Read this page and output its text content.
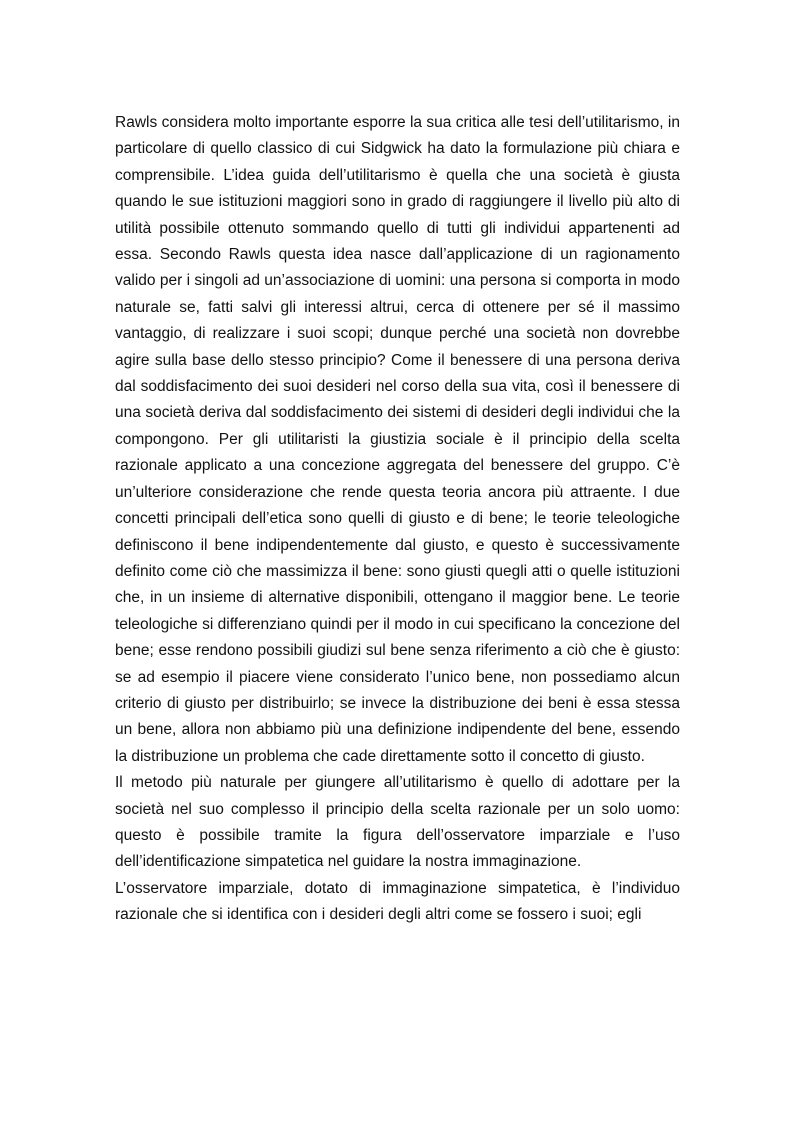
Rawls considera molto importante esporre la sua critica alle tesi dell’utilitarismo, in particolare di quello classico di cui Sidgwick ha dato la formulazione più chiara e comprensibile. L’idea guida dell’utilitarismo è quella che una società è giusta quando le sue istituzioni maggiori sono in grado di raggiungere il livello più alto di utilità possibile ottenuto sommando quello di tutti gli individui appartenenti ad essa. Secondo Rawls questa idea nasce dall’applicazione di un ragionamento valido per i singoli ad un’associazione di uomini: una persona si comporta in modo naturale se, fatti salvi gli interessi altrui, cerca di ottenere per sé il massimo vantaggio, di realizzare i suoi scopi; dunque perché una società non dovrebbe agire sulla base dello stesso principio? Come il benessere di una persona deriva dal soddisfacimento dei suoi desideri nel corso della sua vita, così il benessere di una società deriva dal soddisfacimento dei sistemi di desideri degli individui che la compongono. Per gli utilitaristi la giustizia sociale è il principio della scelta razionale applicato a una concezione aggregata del benessere del gruppo. C’è un’ulteriore considerazione che rende questa teoria ancora più attraente. I due concetti principali dell’etica sono quelli di giusto e di bene; le teorie teleologiche definiscono il bene indipendentemente dal giusto, e questo è successivamente definito come ciò che massimizza il bene: sono giusti quegli atti o quelle istituzioni che, in un insieme di alternative disponibili, ottengano il maggior bene. Le teorie teleologiche si differenziano quindi per il modo in cui specificano la concezione del bene; esse rendono possibili giudizi sul bene senza riferimento a ciò che è giusto: se ad esempio il piacere viene considerato l’unico bene, non possediamo alcun criterio di giusto per distribuirlo; se invece la distribuzione dei beni è essa stessa un bene, allora non abbiamo più una definizione indipendente del bene, essendo la distribuzione un problema che cade direttamente sotto il concetto di giusto.

Il metodo più naturale per giungere all’utilitarismo è quello di adottare per la società nel suo complesso il principio della scelta razionale per un solo uomo: questo è possibile tramite la figura dell’osservatore imparziale e l’uso dell’identificazione simpatetica nel guidare la nostra immaginazione.

L’osservatore imparziale, dotato di immaginazione simpatetica, è l’individuo razionale che si identifica con i desideri degli altri come se fossero i suoi; egli
